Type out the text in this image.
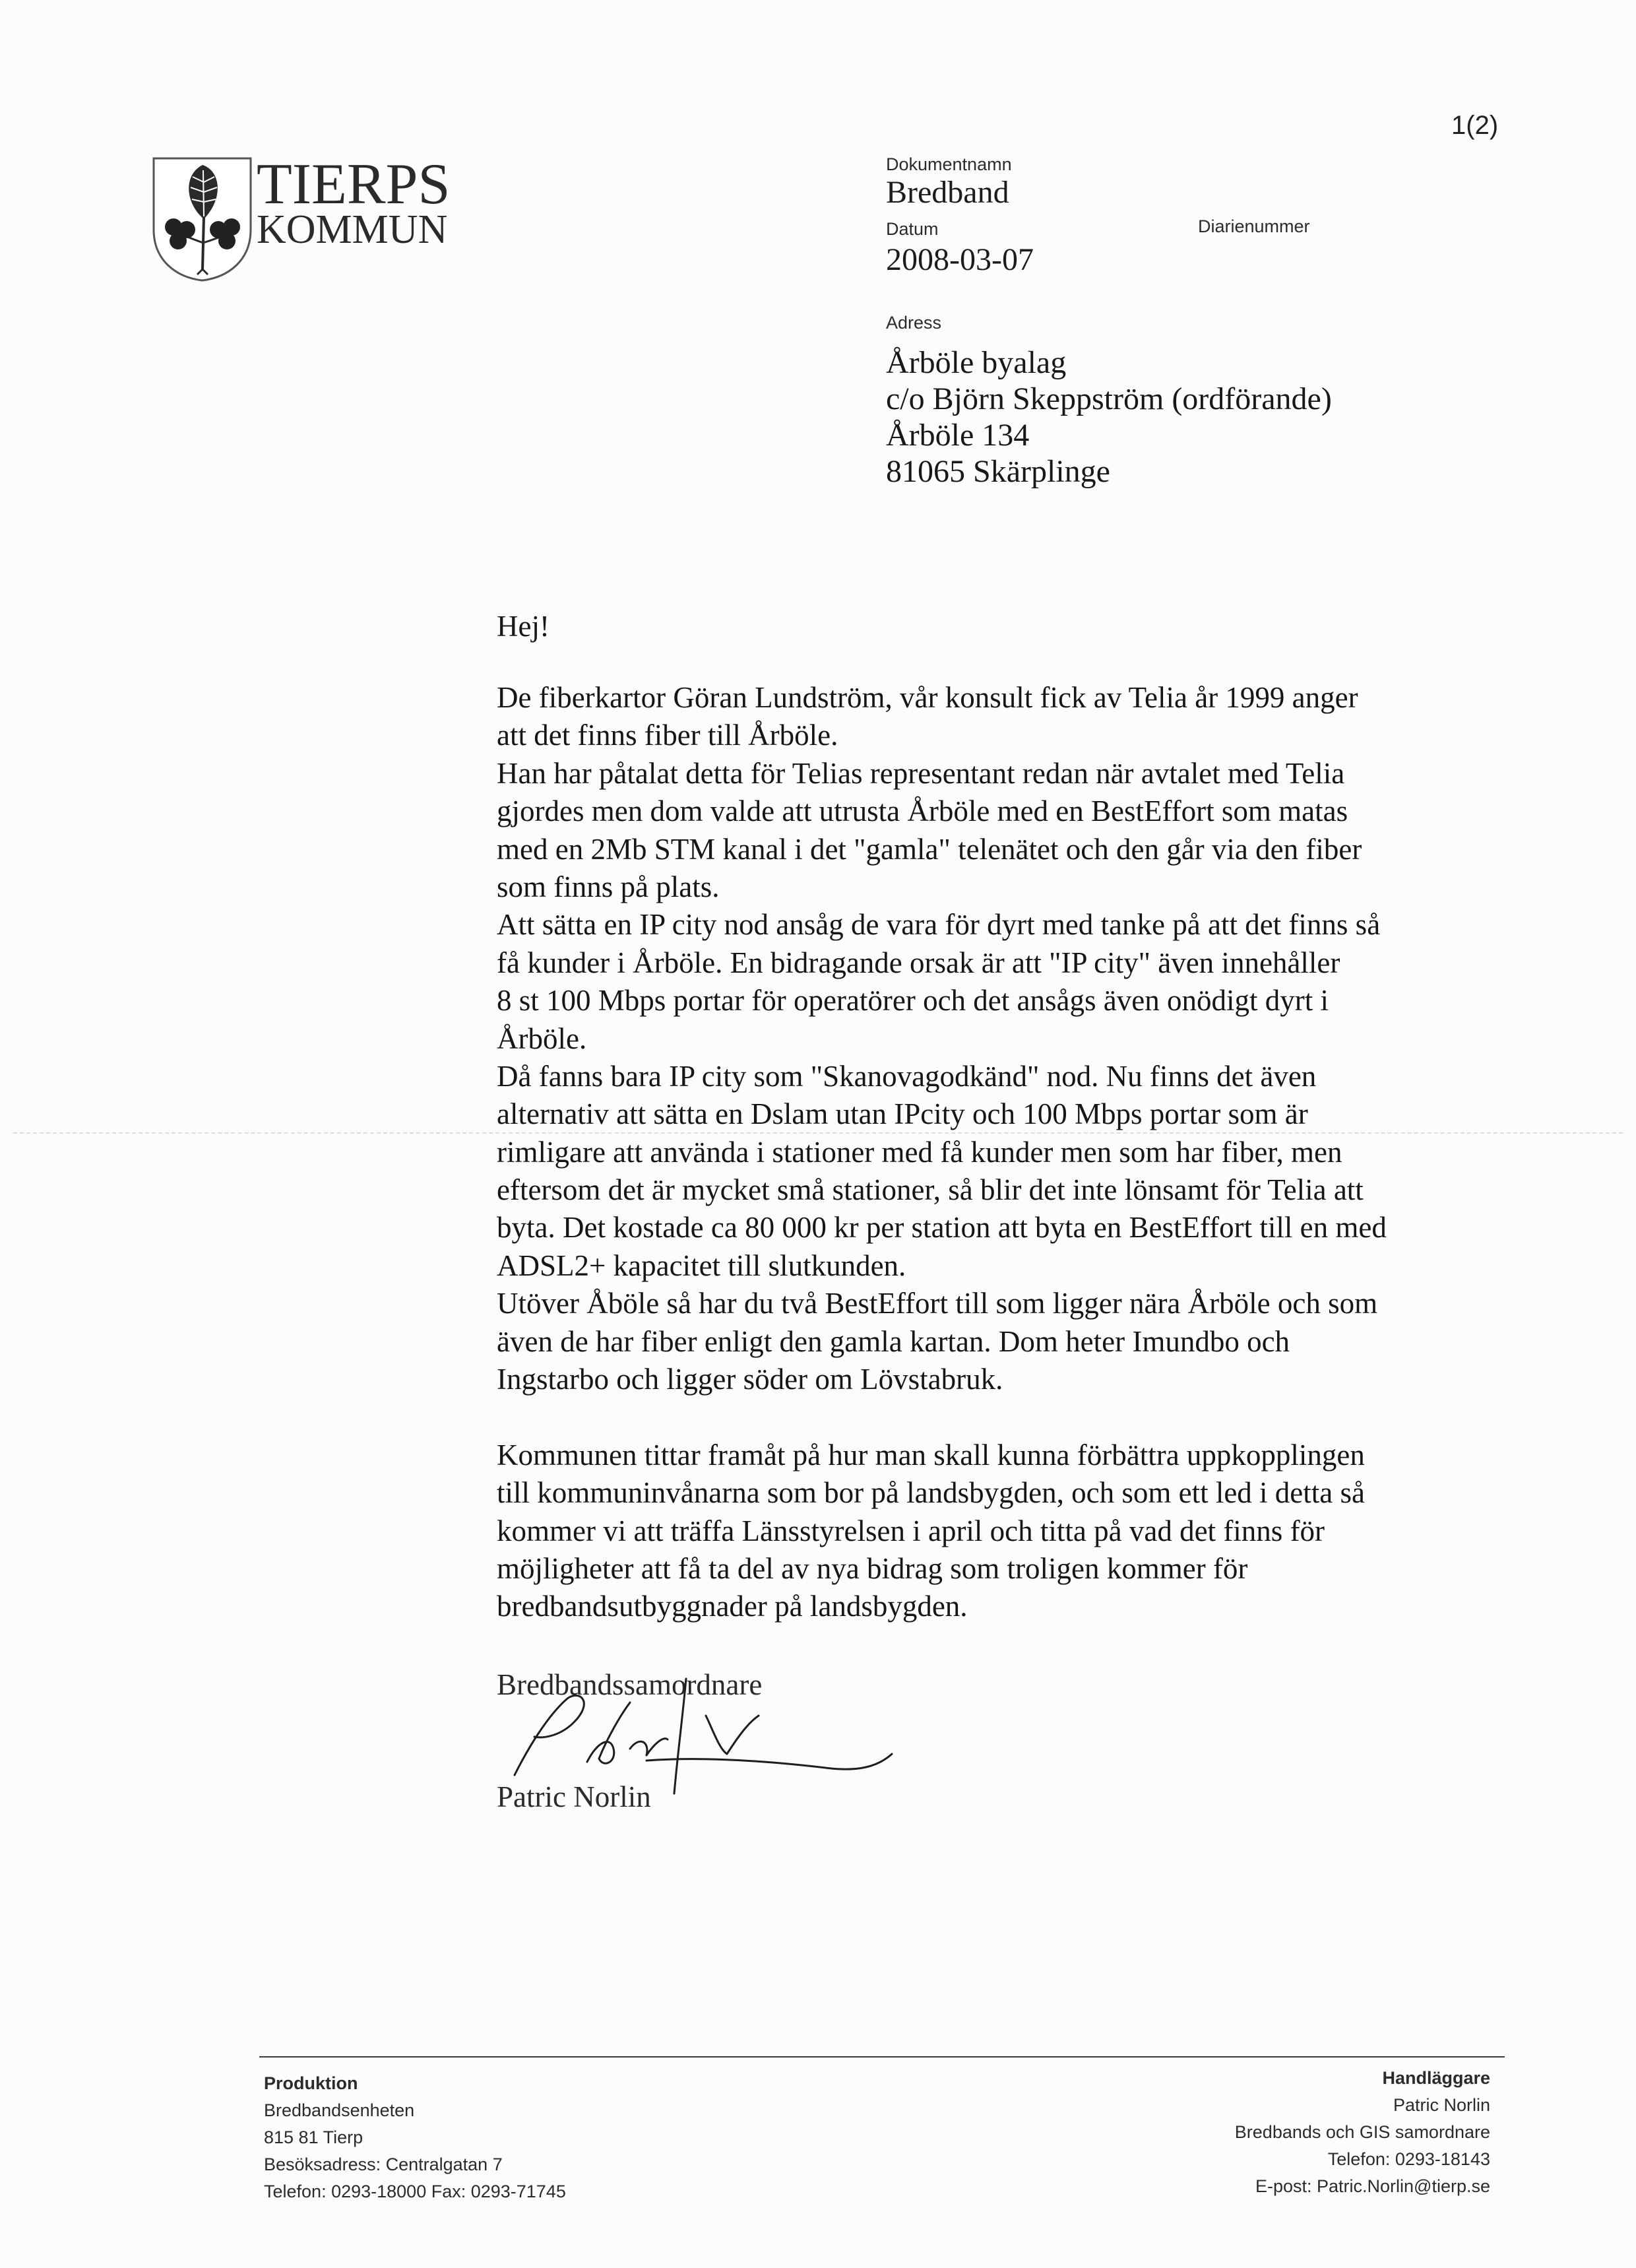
1(2)
TIERPS
KOMMUN
Dokumentnamn
Bredband
Datum	Diarienummer
2008-03-07
Adress
Årböle byalag
c/o Björn Skeppström (ordförande)
Årböle 134
81065 Skärplinge
Hej!
De fiberkartor Göran Lundström, vår konsult fick av Telia år 1999 anger
att det finns fiber till Årböle.
Han har påtalat detta för Telias representant redan när avtalet med Telia
gjordes men dom valde att utrusta Årböle med en BestEffort som matas
med en 2Mb STM kanal i det "gamla" telenätet och den går via den fiber
som finns på plats.
Att sätta en IP city nod ansåg de vara för dyrt med tanke på att det finns så
få kunder i Årböle. En bidragande orsak är att "IP city" även innehåller
8 st 100 Mbps portar för operatörer och det ansågs även onödigt dyrt i
Årböle.
Då fanns bara IP city som "Skanovagodkänd" nod. Nu finns det även
alternativ att sätta en Dslam utan IPcity och 100 Mbps portar som är
rimligare att använda i stationer med få kunder men som har fiber, men
eftersom det är mycket små stationer, så blir det inte lönsamt för Telia att
byta. Det kostade ca 80 000 kr per station att byta en BestEffort till en med
ADSL2+ kapacitet till slutkunden.
Utöver Åböle så har du två BestEffort till som ligger nära Årböle och som
även de har fiber enligt den gamla kartan. Dom heter Imundbo och
Ingstarbo och ligger söder om Lövstabruk.
Kommunen tittar framåt på hur man skall kunna förbättra uppkopplingen
till kommuninvånarna som bor på landsbygden, och som ett led i detta så
kommer vi att träffa Länsstyrelsen i april och titta på vad det finns för
möjligheter att få ta del av nya bidrag som troligen kommer för
bredbandsutbyggnader på landsbygden.
Bredbandssamordnare
Patric Norlin
Produktion
Bredbandsenheten
815 81 Tierp
Besöksadress: Centralgatan 7
Telefon: 0293-18000 Fax: 0293-71745
Handläggare
Patric Norlin
Bredbands och GIS samordnare
Telefon: 0293-18143
E-post: Patric.Norlin@tierp.se
